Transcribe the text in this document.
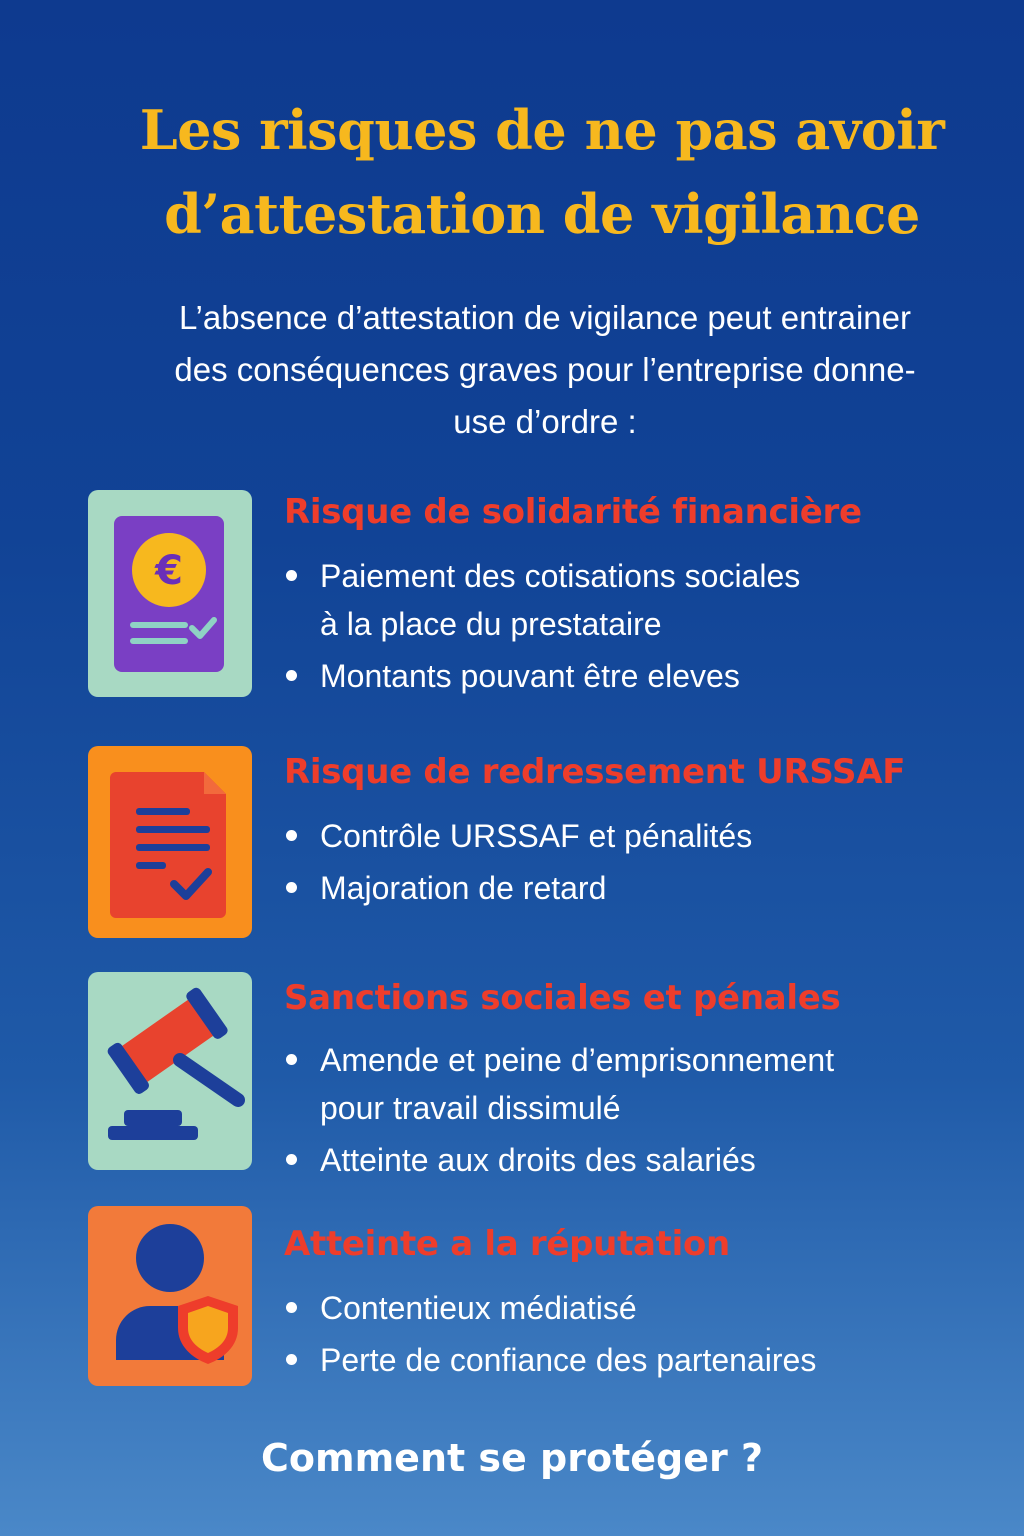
Les risques de ne pas avoir
d’attestation de vigilance
L’absence d’attestation de vigilance peut entrainer
des conséquences graves pour l’entreprise donne-
use d’ordre :
€
Risque de solidarité financière
Paiement des cotisations sociales
à la place du prestataire
Montants pouvant être eleves
Risque de redressement URSSAF
Contrôle URSSAF et pénalités
Majoration de retard
Sanctions sociales et pénales
Amende et peine d’emprisonnement
pour travail dissimulé
Atteinte aux droits des salariés
Atteinte a la réputation
Contentieux médiatisé
Perte de confiance des partenaires
Comment se protéger ?
